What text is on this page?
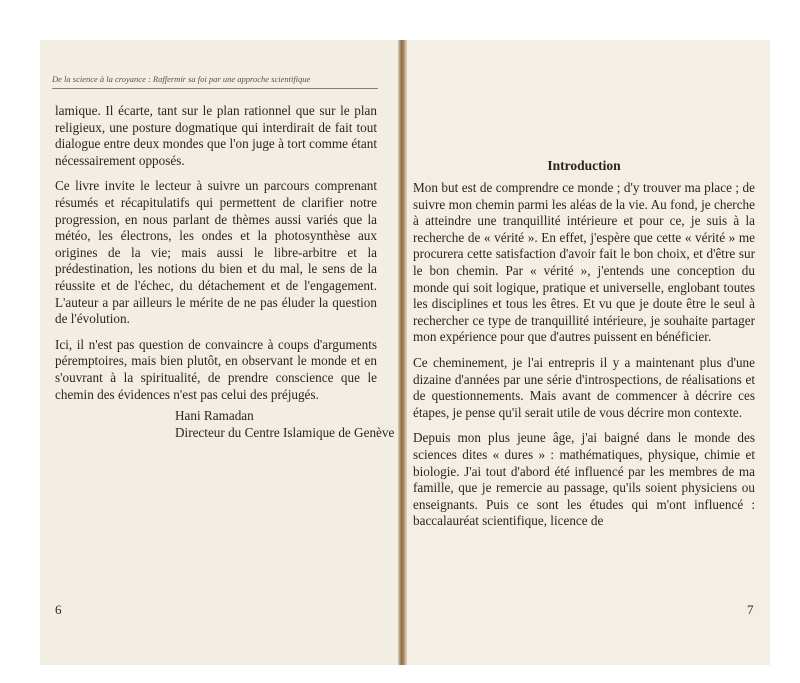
De la science à la croyance : Raffermir sa foi par une approche scientifique

lamique. Il écarte, tant sur le plan rationnel que sur le plan religieux, une posture dogmatique qui interdirait de fait tout dialogue entre deux mondes que l'on juge à tort comme étant nécessairement opposés.

Ce livre invite le lecteur à suivre un parcours comprenant résumés et récapitulatifs qui permettent de clarifier notre progression, en nous parlant de thèmes aussi variés que la météo, les électrons, les ondes et la photosynthèse aux origines de la vie; mais aussi le libre-arbitre et la prédestination, les notions du bien et du mal, le sens de la réussite et de l'échec, du détachement et de l'engagement. L'auteur a par ailleurs le mérite de ne pas éluder la question de l'évolution.

Ici, il n'est pas question de convaincre à coups d'arguments péremptoires, mais bien plutôt, en observant le monde et en s'ouvrant à la spiritualité, de prendre conscience que le chemin des évidences n'est pas celui des préjugés.

Hani Ramadan
Directeur du Centre Islamique de Genève
6
Introduction

Mon but est de comprendre ce monde ; d'y trouver ma place ; de suivre mon chemin parmi les aléas de la vie. Au fond, je cherche à atteindre une tranquillité intérieure et pour ce, je suis à la recherche de « vérité ». En effet, j'espère que cette « vérité » me procurera cette satisfaction d'avoir fait le bon choix, et d'être sur le bon chemin. Par « vérité », j'entends une conception du monde qui soit logique, pratique et universelle, englobant toutes les disciplines et tous les êtres. Et vu que je doute être le seul à rechercher ce type de tranquillité intérieure, je souhaite partager mon expérience pour que d'autres puissent en bénéficier.

Ce cheminement, je l'ai entrepris il y a maintenant plus d'une dizaine d'années par une série d'introspections, de réalisations et de questionnements. Mais avant de commencer à décrire ces étapes, je pense qu'il serait utile de vous décrire mon contexte.

Depuis mon plus jeune âge, j'ai baigné dans le monde des sciences dites « dures » : mathématiques, physique, chimie et biologie. J'ai tout d'abord été influencé par les membres de ma famille, que je remercie au passage, qu'ils soient physiciens ou enseignants. Puis ce sont les études qui m'ont influencé : baccalauréat scientifique, licence de

7
